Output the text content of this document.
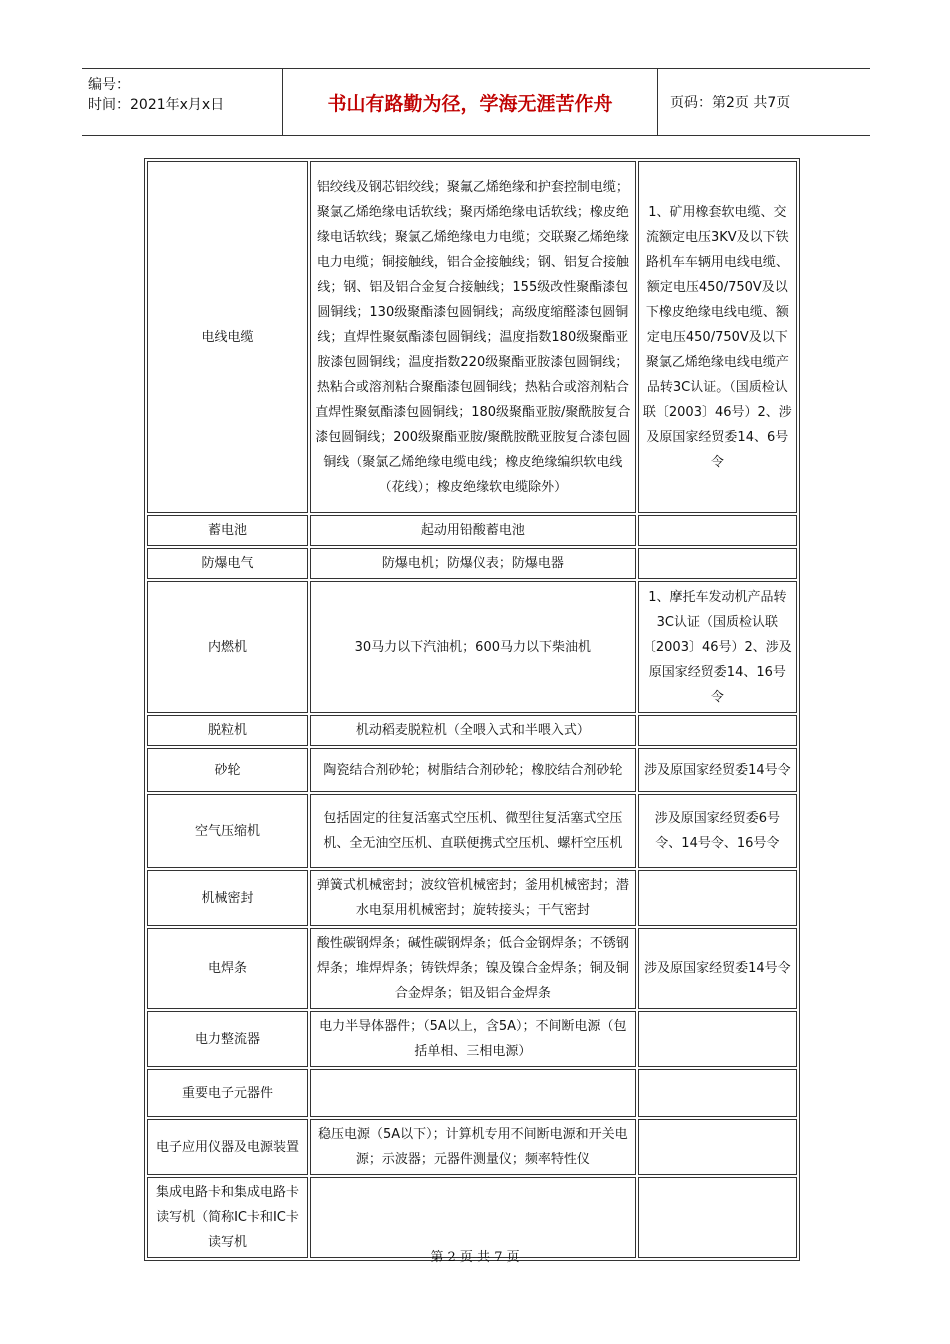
编号：
时间：2021年x月x日	书山有路勤为径，学海无涯苦作舟	页码：第2页 共7页
电线电缆	铝绞线及钢芯铝绞线；聚氟乙烯绝缘和护套控制电缆；聚氯乙烯绝缘电话软线；聚丙烯绝缘电话软线；橡皮绝缘电话软线；聚氯乙烯绝缘电力电缆；交联聚乙烯绝缘电力电缆；铜接触线，铝合金接触线；钢、铝复合接触线；钢、铝及铝合金复合接触线；155级改性聚酯漆包圆铜线；130级聚酯漆包圆铜线；高级度缩醛漆包圆铜线；直焊性聚氨酯漆包圆铜线；温度指数180级聚酯亚胺漆包圆铜线；温度指数220级聚酯亚胺漆包圆铜线；热粘合或溶剂粘合聚酯漆包圆铜线；热粘合或溶剂粘合直焊性聚氨酯漆包圆铜线；180级聚酯亚胺/聚酰胺复合漆包圆铜线；200级聚酯亚胺/聚酰胺酰亚胺复合漆包圆铜线（聚氯乙烯绝缘电缆电线；橡皮绝缘编织软电线（花线）；橡皮绝缘软电缆除外）	1、矿用橡套软电缆、交流额定电压3KV及以下铁路机车车辆用电线电缆、额定电压450/750V及以下橡皮绝缘电线电缆、额定电压450/750V及以下聚氯乙烯绝缘电线电缆产品转3C认证。（国质检认联〔2003〕46号）2、涉及原国家经贸委14、6号令
蓄电池	起动用铅酸蓄电池	
防爆电气	防爆电机；防爆仪表；防爆电器	
内燃机	30马力以下汽油机；600马力以下柴油机	1、摩托车发动机产品转3C认证（国质检认联〔2003〕46号）2、涉及原国家经贸委14、16号令
脱粒机	机动稻麦脱粒机（全喂入式和半喂入式）	
砂轮	陶瓷结合剂砂轮；树脂结合剂砂轮；橡胶结合剂砂轮	涉及原国家经贸委14号令
空气压缩机	包括固定的往复活塞式空压机、微型往复活塞式空压机、全无油空压机、直联便携式空压机、螺杆空压机	涉及原国家经贸委6号令、14号令、16号令
机械密封	弹簧式机械密封；波纹管机械密封；釜用机械密封；潜水电泵用机械密封；旋转接头；干气密封	
电焊条	酸性碳钢焊条；碱性碳钢焊条；低合金钢焊条；不锈钢焊条；堆焊焊条；铸铁焊条；镍及镍合金焊条；铜及铜合金焊条；铝及铝合金焊条	涉及原国家经贸委14号令
电力整流器	电力半导体器件；（5A以上，含5A）；不间断电源（包括单相、三相电源）	
重要电子元器件		
电子应用仪器及电源装置	稳压电源（5A以下）；计算机专用不间断电源和开关电源；示波器；元器件测量仪；频率特性仪	
集成电路卡和集成电路卡读写机（简称IC卡和IC卡读写机		
第 2 页 共 7 页
